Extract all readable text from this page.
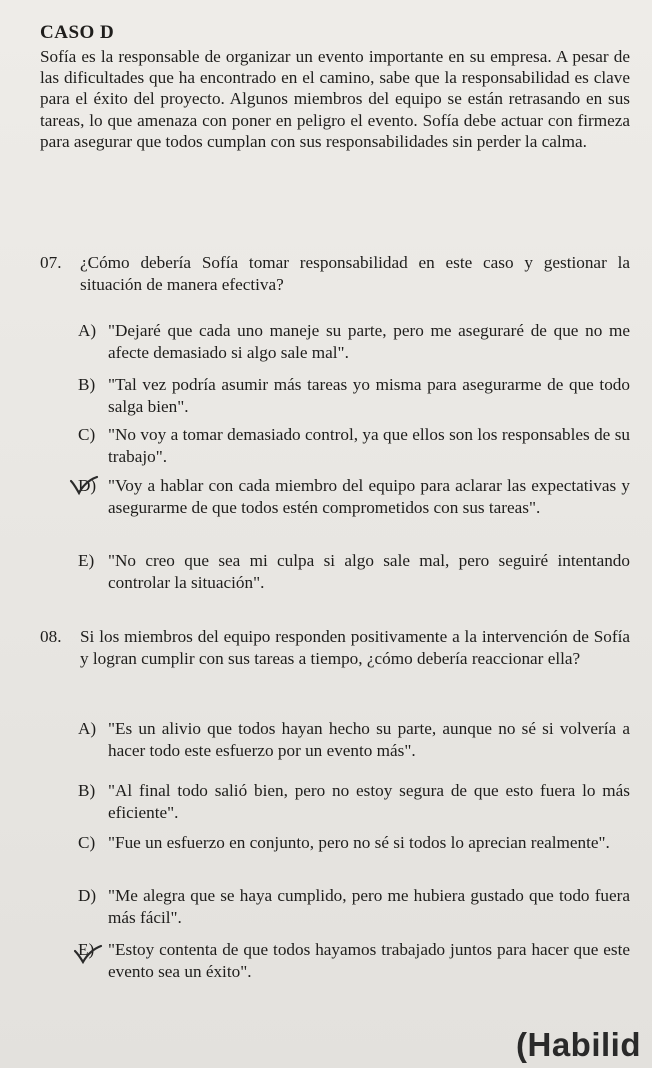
CASO D
Sofía es la responsable de organizar un evento importante en su empresa. A pesar de las dificultades que ha encontrado en el camino, sabe que la responsabilidad es clave para el éxito del proyecto. Algunos miembros del equipo se están retrasando en sus tareas, lo que amenaza con poner en peligro el evento. Sofía debe actuar con firmeza para asegurar que todos cumplan con sus responsabilidades sin perder la calma.
07. ¿Cómo debería Sofía tomar responsabilidad en este caso y gestionar la situación de manera efectiva?
A) "Dejaré que cada uno maneje su parte, pero me aseguraré de que no me afecte demasiado si algo sale mal".
B) "Tal vez podría asumir más tareas yo misma para asegurarme de que todo salga bien".
C) "No voy a tomar demasiado control, ya que ellos son los responsables de su trabajo".
D) "Voy a hablar con cada miembro del equipo para aclarar las expectativas y asegurarme de que todos estén comprometidos con sus tareas".
E) "No creo que sea mi culpa si algo sale mal, pero seguiré intentando controlar la situación".
08. Si los miembros del equipo responden positivamente a la intervención de Sofía y logran cumplir con sus tareas a tiempo, ¿cómo debería reaccionar ella?
A) "Es un alivio que todos hayan hecho su parte, aunque no sé si volvería a hacer todo este esfuerzo por un evento más".
B) "Al final todo salió bien, pero no estoy segura de que esto fuera lo más eficiente".
C) "Fue un esfuerzo en conjunto, pero no sé si todos lo aprecian realmente".
D) "Me alegra que se haya cumplido, pero me hubiera gustado que todo fuera más fácil".
E) "Estoy contenta de que todos hayamos trabajado juntos para hacer que este evento sea un éxito".
(Habilid
